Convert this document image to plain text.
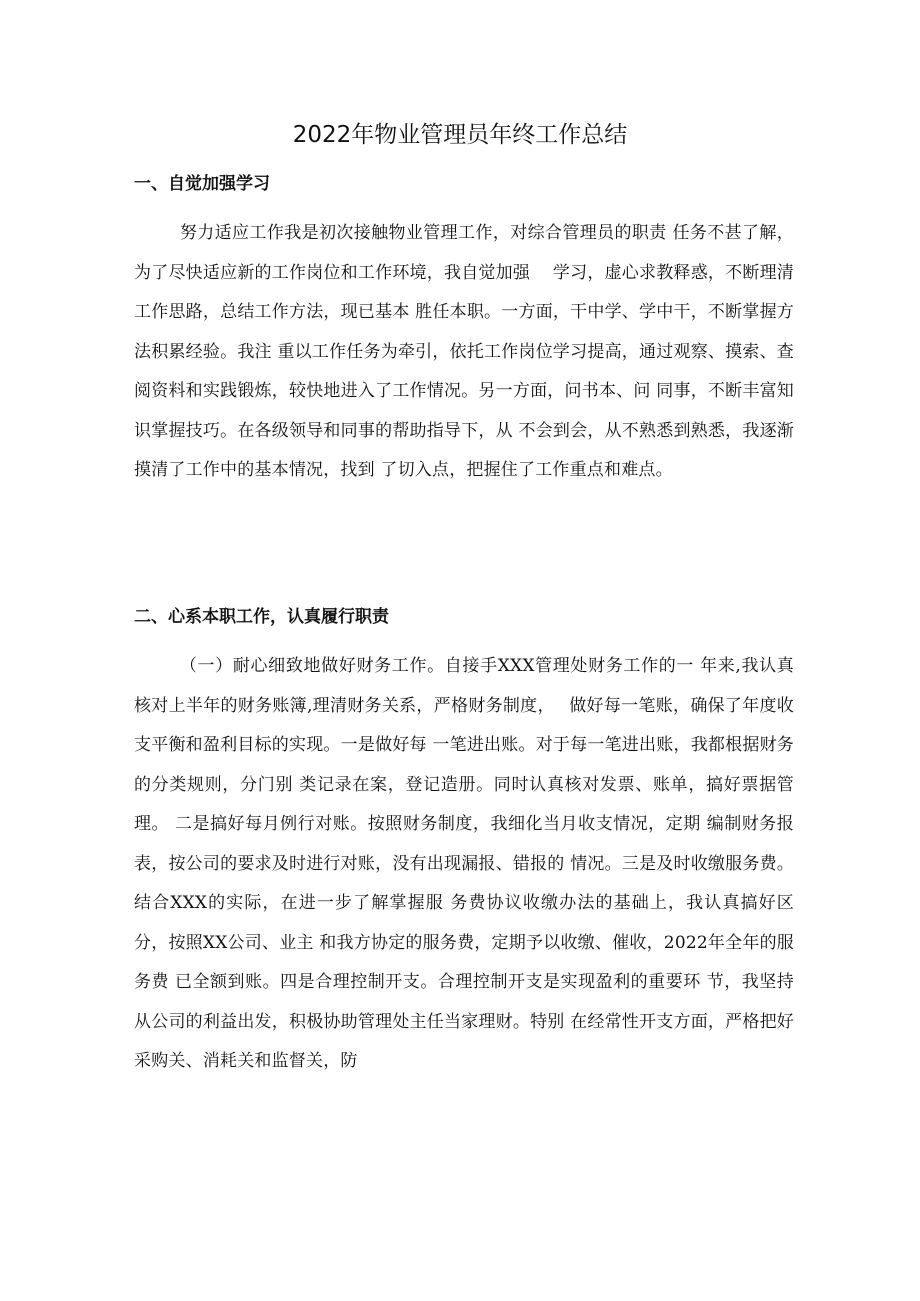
2022年物业管理员年终工作总结
一、自觉加强学习

努力适应工作我是初次接触物业管理工作，对综合管理员的职责 任务不甚了解，为了尽快适应新的工作岗位和工作环境，我自觉加强　 学习，虚心求教释惑，不断理清工作思路，总结工作方法，现已基本 胜任本职。一方面，干中学、学中干，不断掌握方法积累经验。我注 重以工作任务为牵引，依托工作岗位学习提高，通过观察、摸索、查 阅资料和实践锻炼，较快地进入了工作情况。另一方面，问书本、问 同事，不断丰富知识掌握技巧。在各级领导和同事的帮助指导下，从 不会到会，从不熟悉到熟悉，我逐渐摸清了工作中的基本情况，找到 了切入点，把握住了工作重点和难点。

二、心系本职工作，认真履行职责

（一）耐心细致地做好财务工作。自接手XXX管理处财务工作的一 年来,我认真核对上半年的财务账簿,理清财务关系，严格财务制度，　 做好每一笔账，确保了年度收支平衡和盈利目标的实现。一是做好每 一笔进出账。对于每一笔进出账，我都根据财务的分类规则，分门别 类记录在案，登记造册。同时认真核对发票、账单，搞好票据管理。 二是搞好每月例行对账。按照财务制度，我细化当月收支情况，定期 编制财务报表，按公司的要求及时进行对账，没有出现漏报、错报的 情况。三是及时收缴服务费。结合XXX的实际，在进一步了解掌握服 务费协议收缴办法的基础上，我认真搞好区分，按照XX公司、业主 和我方协定的服务费，定期予以收缴、催收，2022年全年的服务费 已全额到账。四是合理控制开支。合理控制开支是实现盈利的重要环 节，我坚持从公司的利益出发，积极协助管理处主任当家理财。特别 在经常性开支方面，严格把好采购关、消耗关和监督关，防
